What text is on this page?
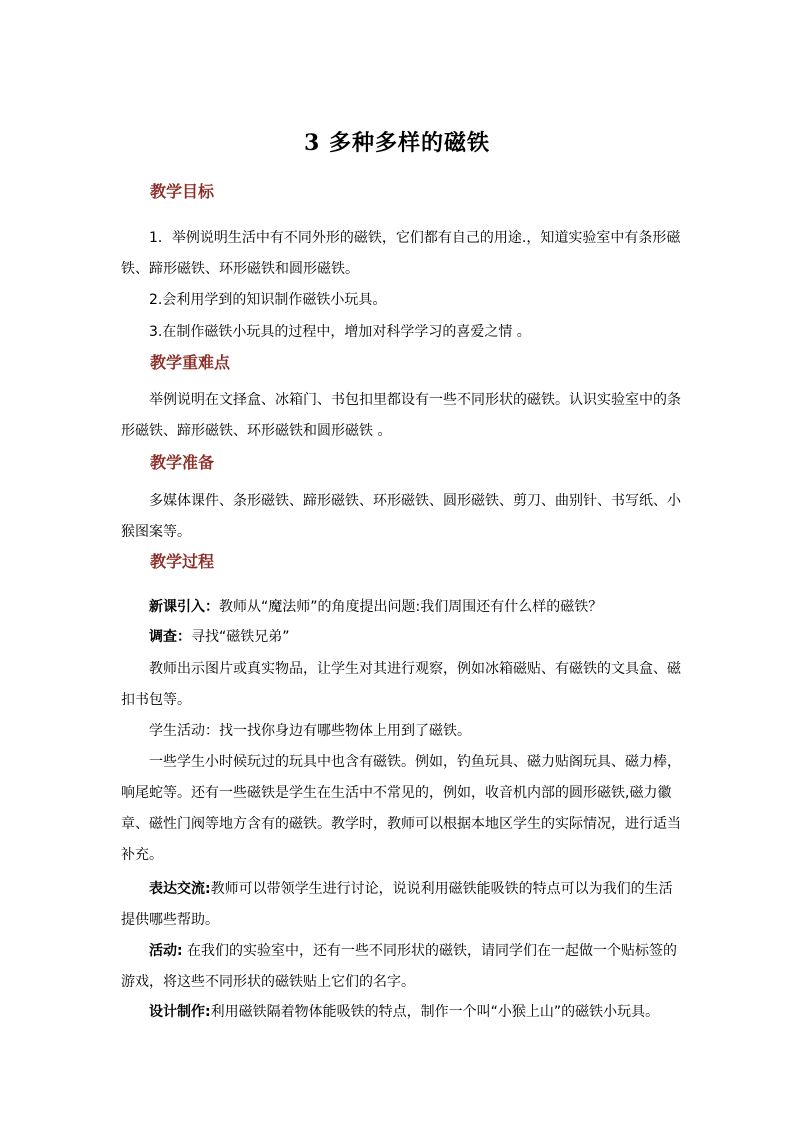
3 多种多样的磁铁
教学目标

1．举例说明生活中有不同外形的磁铁，它们都有自己的用途.，知道实验室中有条形磁铁、蹄形磁铁、环形磁铁和圆形磁铁。

2.会利用学到的知识制作磁铁小玩具。

3.在制作磁铁小玩具的过程中，增加对科学学习的喜爱之情 。

教学重难点

举例说明在文择盒、冰箱门、书包扣里都设有一些不同形状的磁铁。认识实验室中的条形磁铁、蹄形磁铁、环形磁铁和圆形磁铁 。

教学准备

多媒体课件、条形磁铁、蹄形磁铁、环形磁铁、圆形磁铁、剪刀、曲别针、书写纸、小猴图案等。

教学过程

新课引入：教师从“魔法师”的角度提出问题:我们周围还有什么样的磁铁？

调查：寻找“磁铁兄弟”

教师出示图片或真实物品，让学生对其进行观察，例如冰箱磁贴、有磁铁的文具盒、磁扣书包等。

学生活动：找一找你身边有哪些物体上用到了磁铁。

一些学生小时候玩过的玩具中也含有磁铁。例如，钓鱼玩具、磁力贴阁玩具、磁力棒，响尾蛇等。还有一些磁铁是学生在生活中不常见的，例如，收音机内部的圆形磁铁,磁力徽章、磁性门阀等地方含有的磁铁。教学时，教师可以根据本地区学生的实际情况，进行适当补充。

表达交流:教师可以带领学生进行讨论，说说利用磁铁能吸铁的特点可以为我们的生活提供哪些帮助。

活动: 在我们的实验室中，还有一些不同形状的磁铁，请同学们在一起做一个贴标签的游戏，将这些不同形状的磁铁贴上它们的名字。

设计制作:利用磁铁隔着物体能吸铁的特点，制作一个叫“小猴上山”的磁铁小玩具。
